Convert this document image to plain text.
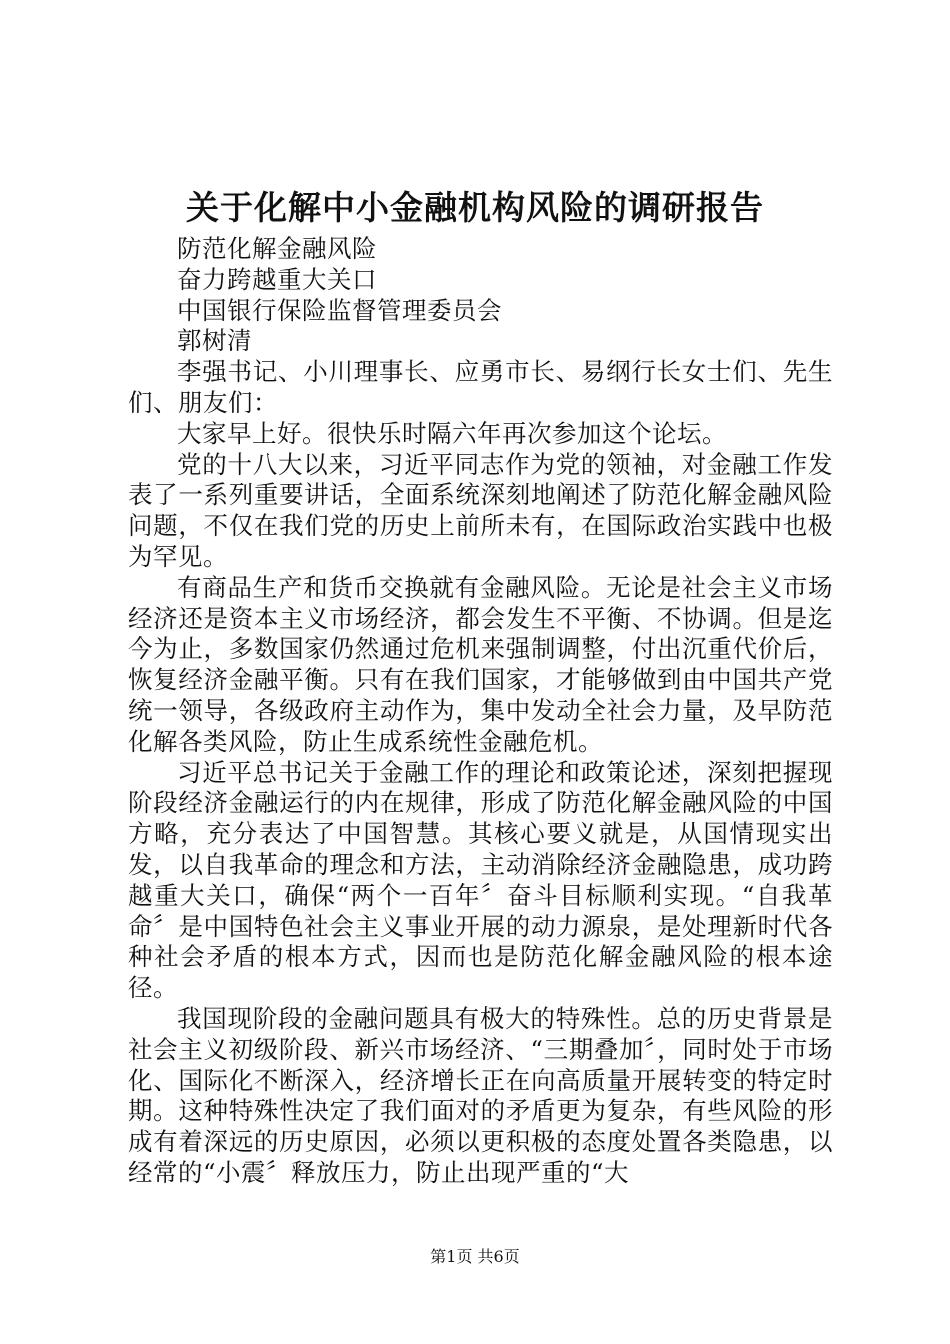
关于化解中小金融机构风险的调研报告

防范化解金融风险

奋力跨越重大关口

中国银行保险监督管理委员会

郭树清

李强书记、小川理事长、应勇市长、易纲行长女士们、先生们、朋友们：

大家早上好。很快乐时隔六年再次参加这个论坛。

党的十八大以来，习近平同志作为党的领袖，对金融工作发表了一系列重要讲话，全面系统深刻地阐述了防范化解金融风险问题，不仅在我们党的历史上前所未有，在国际政治实践中也极为罕见。

有商品生产和货币交换就有金融风险。无论是社会主义市场经济还是资本主义市场经济，都会发生不平衡、不协调。但是迄今为止，多数国家仍然通过危机来强制调整，付出沉重代价后，恢复经济金融平衡。只有在我们国家，才能够做到由中国共产党统一领导，各级政府主动作为，集中发动全社会力量，及早防范化解各类风险，防止生成系统性金融危机。

习近平总书记关于金融工作的理论和政策论述，深刻把握现阶段经济金融运行的内在规律，形成了防范化解金融风险的中国方略，充分表达了中国智慧。其核心要义就是，从国情现实出发，以自我革命的理念和方法，主动消除经济金融隐患，成功跨越重大关口，确保“两个一百年〞奋斗目标顺利实现。“自我革命〞是中国特色社会主义事业开展的动力源泉，是处理新时代各种社会矛盾的根本方式，因而也是防范化解金融风险的根本途径。

我国现阶段的金融问题具有极大的特殊性。总的历史背景是社会主义初级阶段、新兴市场经济、“三期叠加〞，同时处于市场化、国际化不断深入，经济增长正在向高质量开展转变的特定时期。这种特殊性决定了我们面对的矛盾更为复杂，有些风险的形成有着深远的历史原因，必须以更积极的态度处置各类隐患，以经常的“小震〞释放压力，防止出现严重的“大

第1页 共6页
